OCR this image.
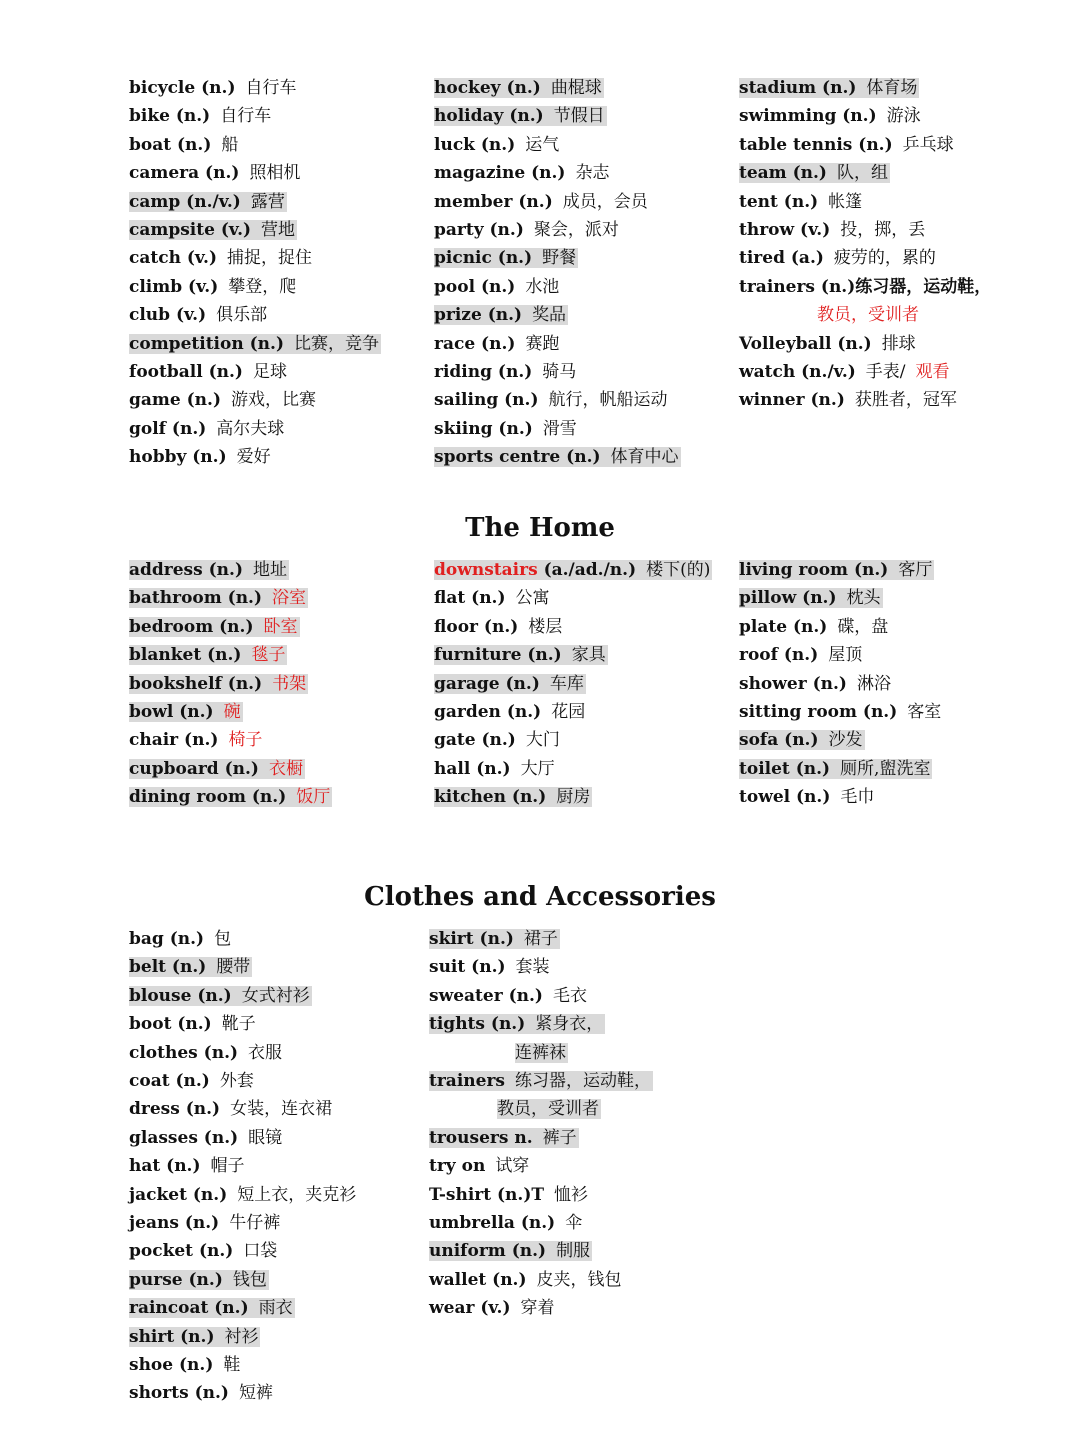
The Home
Clothes and Accessories
bicycle (n.) 自行车
bike (n.) 自行车
boat (n.) 船
camera (n.) 照相机
camp (n./v.) 露营
campsite (v.) 营地
catch (v.) 捕捉，捉住
climb (v.) 攀登，爬
club (v.) 俱乐部
competition (n.) 比赛，竞争
football (n.) 足球
game (n.) 游戏，比赛
golf (n.) 高尔夫球
hobby (n.) 爱好
hockey (n.) 曲棍球
holiday (n.) 节假日
luck (n.) 运气
magazine (n.) 杂志
member (n.) 成员，会员
party (n.) 聚会，派对
picnic (n.) 野餐
pool (n.) 水池
prize (n.) 奖品
race (n.) 赛跑
riding (n.) 骑马
sailing (n.) 航行，帆船运动
skiing (n.) 滑雪
sports centre (n.) 体育中心
stadium (n.) 体育场
swimming (n.) 游泳
table tennis (n.) 乒乓球
team (n.) 队，组
tent (n.) 帐篷
throw (v.) 投，掷，丢
tired (a.) 疲劳的，累的
trainers (n.)练习器，运动鞋，
教员，受训者
Volleyball (n.) 排球
watch (n./v.) 手表/ 观看
winner (n.) 获胜者，冠军
address (n.) 地址
bathroom (n.) 浴室
bedroom (n.) 卧室
blanket (n.) 毯子
bookshelf (n.) 书架
bowl (n.) 碗
chair (n.) 椅子
cupboard (n.) 衣橱
dining room (n.) 饭厅
downstairs (a./ad./n.) 楼下(的)
flat (n.) 公寓
floor (n.) 楼层
furniture (n.) 家具
garage (n.) 车库
garden (n.) 花园
gate (n.) 大门
hall (n.) 大厅
kitchen (n.) 厨房
living room (n.) 客厅
pillow (n.) 枕头
plate (n.) 碟，盘
roof (n.) 屋顶
shower (n.) 淋浴
sitting room (n.) 客室
sofa (n.) 沙发
toilet (n.) 厕所,盥洗室
towel (n.) 毛巾
bag (n.) 包
belt (n.) 腰带
blouse (n.) 女式衬衫
boot (n.) 靴子
clothes (n.) 衣服
coat (n.) 外套
dress (n.) 女装，连衣裙
glasses (n.) 眼镜
hat (n.) 帽子
jacket (n.) 短上衣，夹克衫
jeans (n.) 牛仔裤
pocket (n.) 口袋
purse (n.) 钱包
raincoat (n.) 雨衣
shirt (n.) 衬衫
shoe (n.) 鞋
shorts (n.) 短裤
skirt (n.) 裙子
suit (n.) 套装
sweater (n.) 毛衣
tights (n.) 紧身衣，
连裤袜
trainers 练习器，运动鞋，
教员，受训者
trousers n. 裤子
try on 试穿
T-shirt (n.)T 恤衫
umbrella (n.) 伞
uniform (n.) 制服
wallet (n.) 皮夹，钱包
wear (v.) 穿着
